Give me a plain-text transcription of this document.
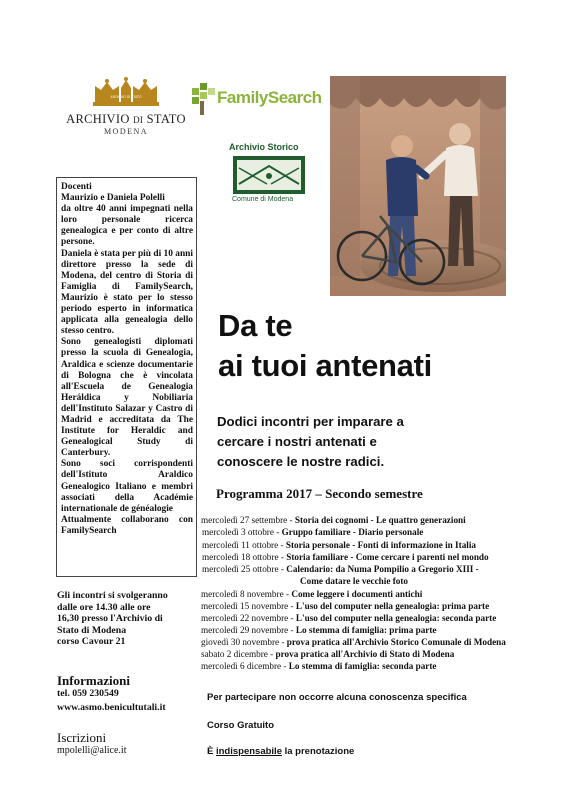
ARCHIVIO DI STATO
ARCHIVIO DI STATO
MODENA
FamilySearch
Archivio Storico
Comune di Modena

Docenti

Maurizio e Daniela Polelli

da oltre 40 anni impegnati nella loro personale ricerca genealogica e per conto di altre persone.

Daniela è stata per più di 10 anni direttore presso la sede di Modena, del centro di Storia di Famiglia di FamilySearch, Maurizio è stato per lo stesso periodo esperto in informatica applicata alla genealogia dello stesso centro.

Sono genealogisti diplomati presso la scuola di Genealogia, Araldica e scienze documentarie di Bologna che è vincolata all'Escuela de Genealogia Heráldica y Nobiliaria dell'Instituto Salazar y Castro di Madrid e accreditata da The Institute for Heraldic and Genealogical Study di Canterbury.

Sono soci corrispondenti dell'Istituto Araldico Genealogico Italiano e membri associati della Académie internationale de généalogie

Attualmente collaborano con FamilySearch

Gli incontri si svolgeranno
dalle ore 14.30 alle ore
16,30 presso l'Archivio di
Stato di Modena
corso Cavour 21
Informazioni
tel. 059 230549
www.asmo.benicultutali.it
Iscrizioni
mpolelli@alice.it
Da te
ai tuoi antenati
Dodici incontri per imparare a
cercare i nostri antenati e
conoscere le nostre radici.
Programma 2017 – Secondo semestre
mercoledì 27 settembre - Storia dei cognomi - Le quattro generazioni
mercoledì 3 ottobre - Gruppo familiare - Diario personale
mercoledì 11 ottobre - Storia personale - Fonti di informazione in Italia
mercoledì 18 ottobre - Storia familiare - Come cercare i parenti nel mondo
mercoledì 25 ottobre - Calendario: da Numa Pompilio a Gregorio XIII -
Come datare le vecchie foto
mercoledì 8 novembre - Come leggere i documenti antichi
mercoledì 15 novembre - L'uso del computer nella genealogia: prima parte
mercoledì 22 novembre - L'uso del computer nella genealogia: seconda parte
mercoledì 29 novembre - Lo stemma di famiglia: prima parte
giovedì 30 novembre - prova pratica all'Archivio Storico Comunale di Modena
sabato 2 dicembre - prova pratica all'Archivio di Stato di Modena
mercoledì 6 dicembre - Lo stemma di famiglia: seconda parte
Per partecipare non occorre alcuna conoscenza specifica
Corso Gratuito
È indispensabile la prenotazione
